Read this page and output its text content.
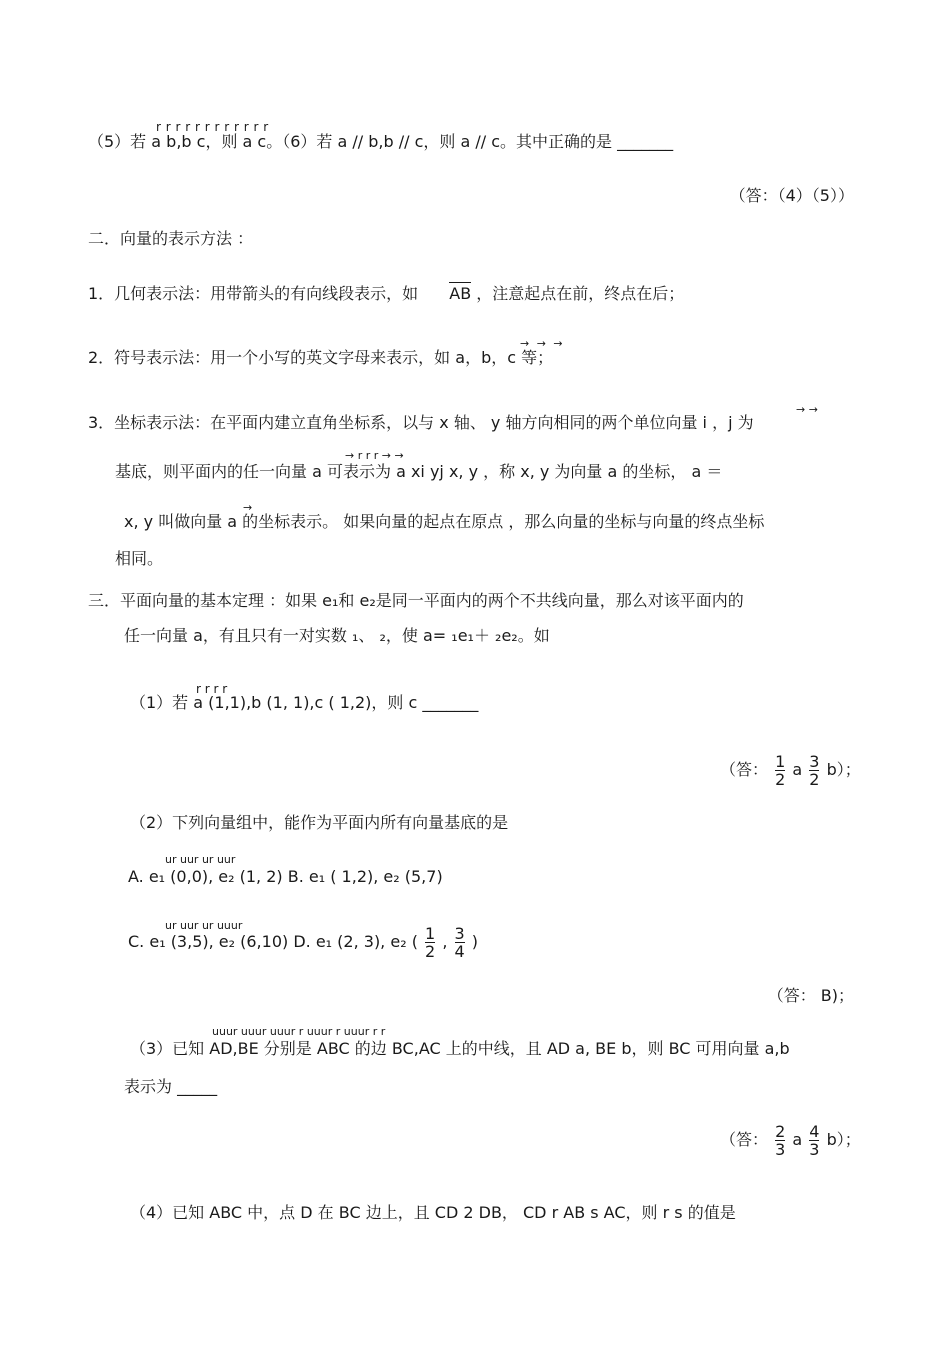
r r r r r r r r r r r r
（5）若 a b,b c，则 a c。（6）若 a // b,b // c，则 a // c。其中正确的是 _______
（答：（4）（5））
二．向量的表示方法 ：
1．几何表示法：用带箭头的有向线段表示，如 AB ，注意起点在前，终点在后；
→ → →
2．符号表示法：用一个小写的英文字母来表示，如 a，b，c 等；
→ →
3．坐标表示法：在平面内建立直角坐标系，以与 x 轴、 y 轴方向相同的两个单位向量 i ，j 为
→ r r r → →
基底，则平面内的任一向量 a 可表示为 a xi yj x, y ，称 x, y 为向量 a 的坐标， a ＝
→
x, y 叫做向量 a 的坐标表示。 如果向量的起点在原点 ，那么向量的坐标与向量的终点坐标
相同。
三．平面向量的基本定理 ：如果 e₁和 e₂是同一平面内的两个不共线向量，那么对该平面内的
任一向量 a，有且只有一对实数 ₁、 ₂，使 a= ₁e₁＋ ₂e₂。如
r r r r
（1）若 a (1,1),b (1, 1),c ( 1,2)，则 c _______
（答： $\frac{1}{2}$ a $\frac{3}{2} b$）；
（2）下列向量组中，能作为平面内所有向量基底的是
ur uur ur uur
A. e₁ (0,0), e₂ (1, 2) B. e₁ ( 1,2), e₂ (5,7)
ur uur ur uuur
C. e₁ (3,5), e₂ (6,10) D. e₁ (2, 3), e₂ ( $\frac{1}{2}$ , $\frac{3}{4}$ )
（答： B)；
uuur uuur uuur r uuur r uuur r r
（3）已知 AD,BE 分别是 ABC 的边 BC,AC 上的中线，且 AD a, BE b，则 BC 可用向量 a,b
表示为 _____
（答： $\frac{2}{3}$ a $\frac{4}{3} b$）；
（4）已知 ABC 中，点 D 在 BC 边上，且 CD 2 DB， CD r AB s AC，则 r s 的值是
